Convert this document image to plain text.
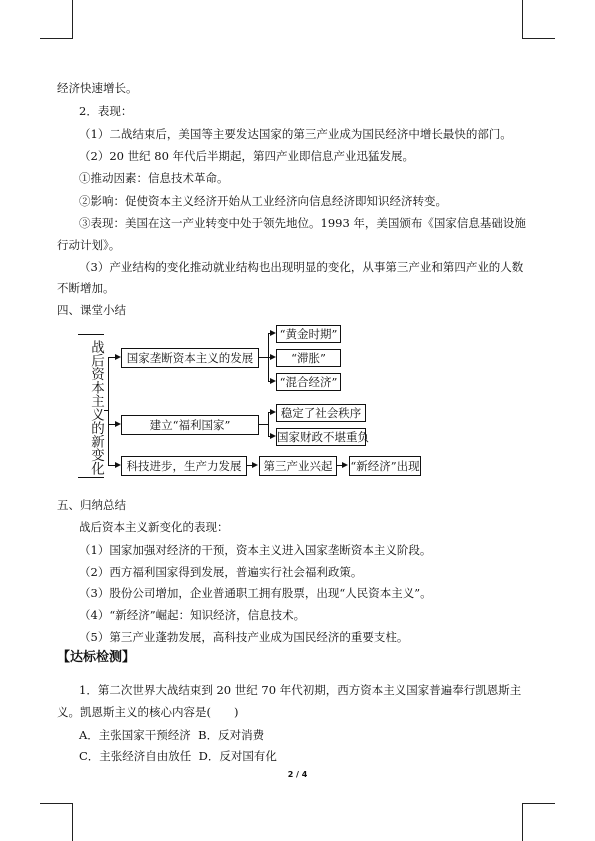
经济快速增长。
2．表现：
（1）二战结束后，美国等主要发达国家的第三产业成为国民经济中增长最快的部门。
（2）20 世纪 80 年代后半期起，第四产业即信息产业迅猛发展。
①推动因素：信息技术革命。
②影响：促使资本主义经济开始从工业经济向信息经济即知识经济转变。
③表现：美国在这一产业转变中处于领先地位。1993 年，美国颁布《国家信息基础设施
行动计划》。
（3）产业结构的变化推动就业结构也出现明显的变化，从事第三产业和第四产业的人数
不断增加。
四、课堂小结
战后资本主义的新变化	国家垄断资本主义的发展
“黄金时期”
“滞胀”
“混合经济”
建立“福利国家”
稳定了社会秩序
国家财政不堪重负
科技进步，生产力发展	第三产业兴起	“新经济”出现
五、归纳总结
战后资本主义新变化的表现：
（1）国家加强对经济的干预，资本主义进入国家垄断资本主义阶段。
（2）西方福利国家得到发展，普遍实行社会福利政策。
（3）股份公司增加，企业普通职工拥有股票，出现“人民资本主义”。
（4）“新经济”崛起：知识经济，信息技术。
（5）第三产业蓬勃发展，高科技产业成为国民经济的重要支柱。
【达标检测】
1．第二次世界大战结束到 20 世纪 70 年代初期，西方资本主义国家普遍奉行凯恩斯主
义。凯恩斯主义的核心内容是(　　)
A．主张国家干预经济  B．反对消费
C．主张经济自由放任  D．反对国有化
2 / 4
